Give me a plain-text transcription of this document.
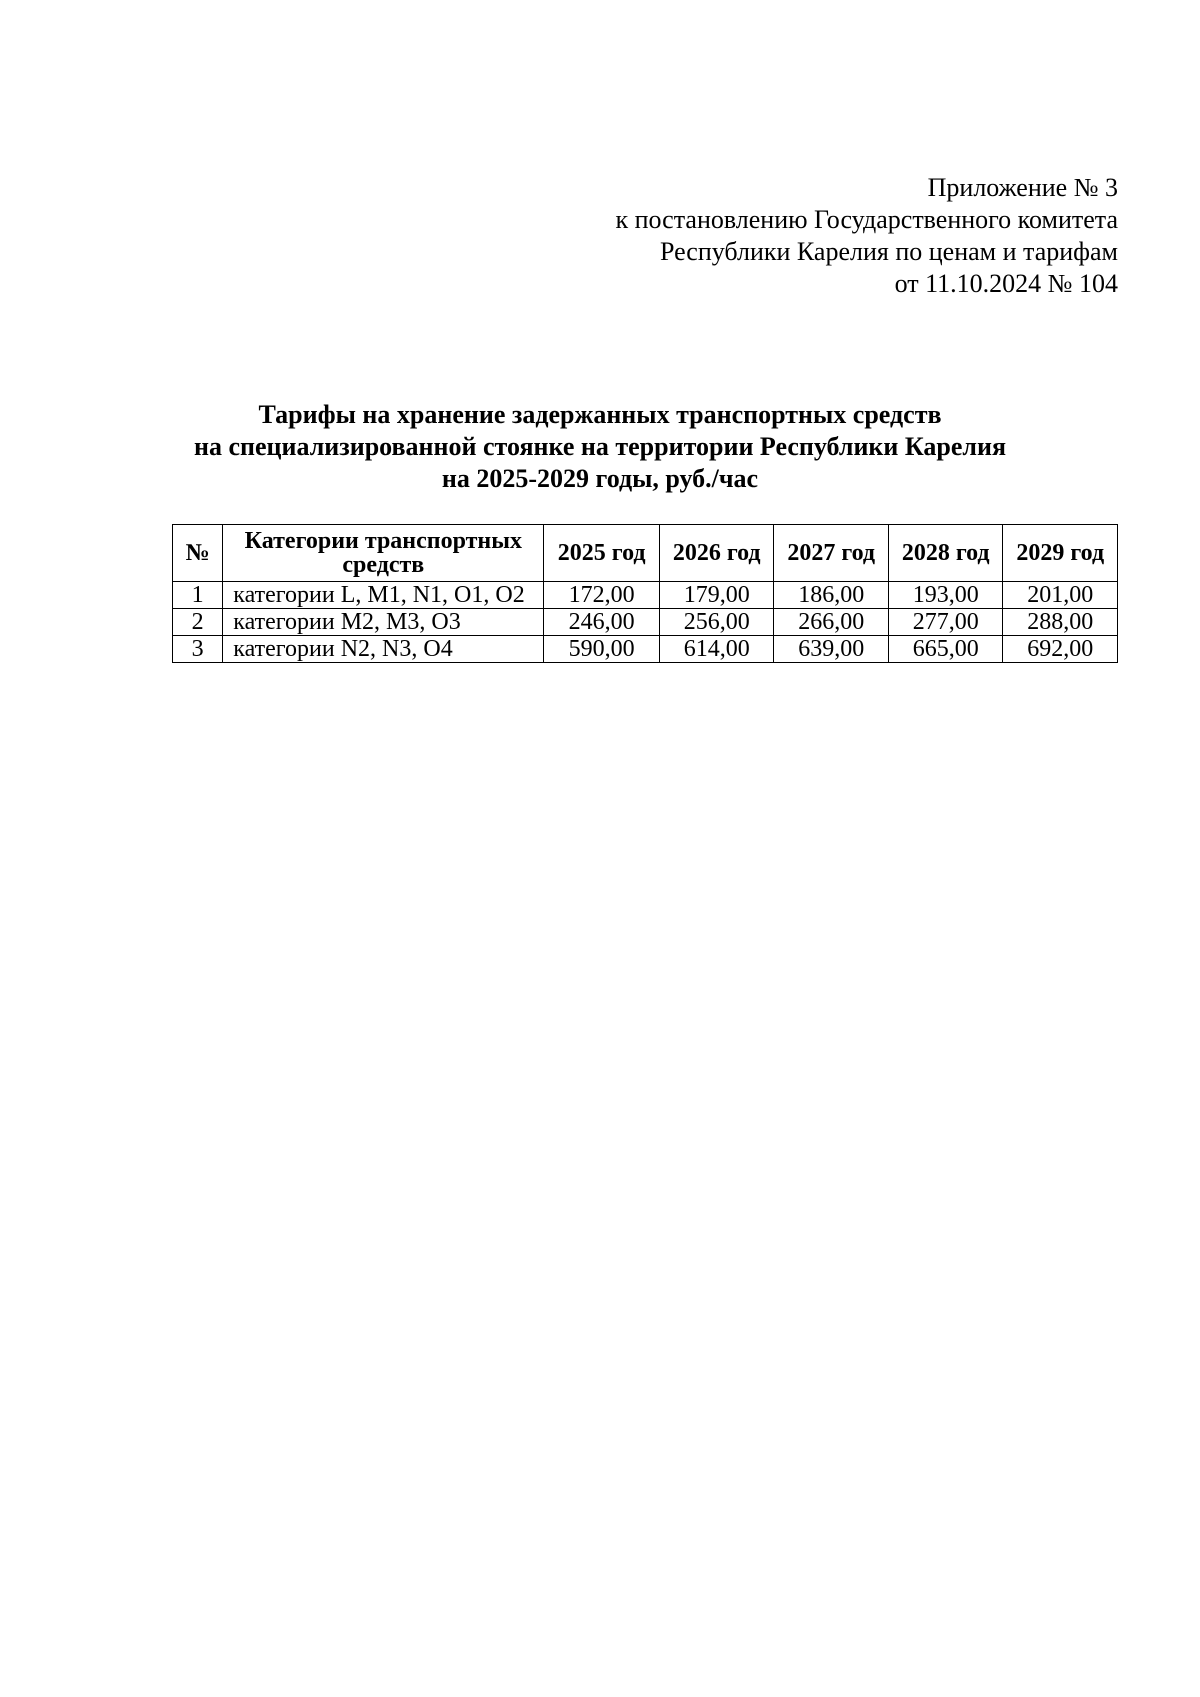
Приложение № 3
к постановлению Государственного комитета
Республики Карелия по ценам и тарифам
от 11.10.2024 № 104
Тарифы на хранение задержанных транспортных средств
на специализированной стоянке на территории Республики Карелия
на 2025-2029 годы, руб./час
№	Категории транспортных средств	2025 год	2026 год	2027 год	2028 год	2029 год
1	категории L, M1, N1, O1, O2	172,00	179,00	186,00	193,00	201,00
2	категории M2, M3, O3	246,00	256,00	266,00	277,00	288,00
3	категории N2, N3, O4	590,00	614,00	639,00	665,00	692,00
